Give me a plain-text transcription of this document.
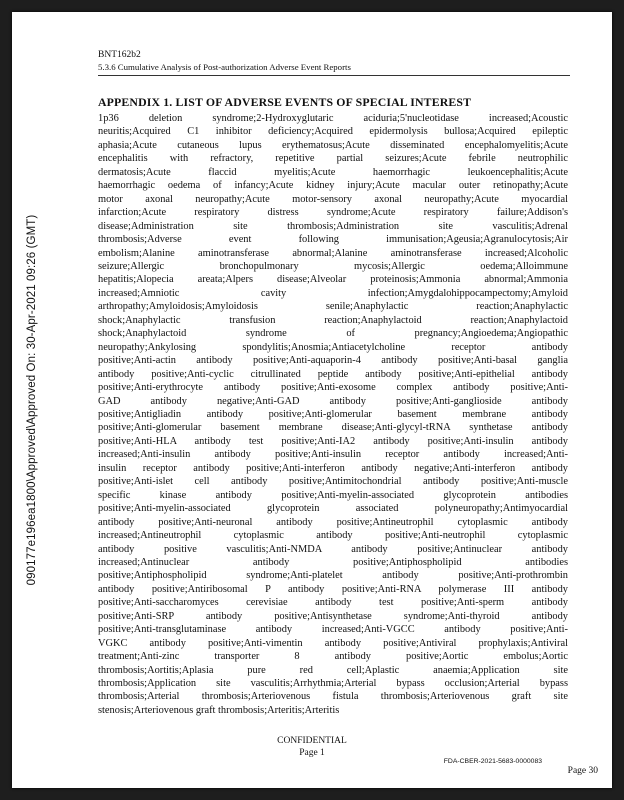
090177e196ea1800\Approved\Approved On: 30-Apr-2021 09:26 (GMT)
BNT162b2
5.3.6 Cumulative Analysis of Post-authorization Adverse Event Reports
APPENDIX 1. LIST OF ADVERSE EVENTS OF SPECIAL INTEREST
1p36 deletion syndrome;2-Hydroxyglutaric aciduria;5'nucleotidase increased;Acoustic
neuritis;Acquired C1 inhibitor deficiency;Acquired epidermolysis bullosa;Acquired epileptic
aphasia;Acute cutaneous lupus erythematosus;Acute disseminated encephalomyelitis;Acute
encephalitis with refractory, repetitive partial seizures;Acute febrile neutrophilic
dermatosis;Acute flaccid myelitis;Acute haemorrhagic leukoencephalitis;Acute
haemorrhagic oedema of infancy;Acute kidney injury;Acute macular outer retinopathy;Acute
motor axonal neuropathy;Acute motor-sensory axonal neuropathy;Acute myocardial
infarction;Acute respiratory distress syndrome;Acute respiratory failure;Addison's
disease;Administration site thrombosis;Administration site vasculitis;Adrenal
thrombosis;Adverse event following immunisation;Ageusia;Agranulocytosis;Air
embolism;Alanine aminotransferase abnormal;Alanine aminotransferase increased;Alcoholic
seizure;Allergic bronchopulmonary mycosis;Allergic oedema;Alloimmune
hepatitis;Alopecia areata;Alpers disease;Alveolar proteinosis;Ammonia abnormal;Ammonia
increased;Amniotic cavity infection;Amygdalohippocampectomy;Amyloid
arthropathy;Amyloidosis;Amyloidosis senile;Anaphylactic reaction;Anaphylactic
shock;Anaphylactic transfusion reaction;Anaphylactoid reaction;Anaphylactoid
shock;Anaphylactoid syndrome of pregnancy;Angioedema;Angiopathic
neuropathy;Ankylosing spondylitis;Anosmia;Antiacetylcholine receptor antibody
positive;Anti-actin antibody positive;Anti-aquaporin-4 antibody positive;Anti-basal ganglia
antibody positive;Anti-cyclic citrullinated peptide antibody positive;Anti-epithelial antibody
positive;Anti-erythrocyte antibody positive;Anti-exosome complex antibody positive;Anti-
GAD antibody negative;Anti-GAD antibody positive;Anti-ganglioside antibody
positive;Antigliadin antibody positive;Anti-glomerular basement membrane antibody
positive;Anti-glomerular basement membrane disease;Anti-glycyl-tRNA synthetase antibody
positive;Anti-HLA antibody test positive;Anti-IA2 antibody positive;Anti-insulin antibody
increased;Anti-insulin antibody positive;Anti-insulin receptor antibody increased;Anti-
insulin receptor antibody positive;Anti-interferon antibody negative;Anti-interferon antibody
positive;Anti-islet cell antibody positive;Antimitochondrial antibody positive;Anti-muscle
specific kinase antibody positive;Anti-myelin-associated glycoprotein antibodies
positive;Anti-myelin-associated glycoprotein associated polyneuropathy;Antimyocardial
antibody positive;Anti-neuronal antibody positive;Antineutrophil cytoplasmic antibody
increased;Antineutrophil cytoplasmic antibody positive;Anti-neutrophil cytoplasmic
antibody positive vasculitis;Anti-NMDA antibody positive;Antinuclear antibody
increased;Antinuclear antibody positive;Antiphospholipid antibodies
positive;Antiphospholipid syndrome;Anti-platelet antibody positive;Anti-prothrombin
antibody positive;Antiribosomal P antibody positive;Anti-RNA polymerase III antibody
positive;Anti-saccharomyces cerevisiae antibody test positive;Anti-sperm antibody
positive;Anti-SRP antibody positive;Antisynthetase syndrome;Anti-thyroid antibody
positive;Anti-transglutaminase antibody increased;Anti-VGCC antibody positive;Anti-
VGKC antibody positive;Anti-vimentin antibody positive;Antiviral prophylaxis;Antiviral
treatment;Anti-zinc transporter 8 antibody positive;Aortic embolus;Aortic
thrombosis;Aortitis;Aplasia pure red cell;Aplastic anaemia;Application site
thrombosis;Application site vasculitis;Arrhythmia;Arterial bypass occlusion;Arterial bypass
thrombosis;Arterial thrombosis;Arteriovenous fistula thrombosis;Arteriovenous graft site
stenosis;Arteriovenous graft thrombosis;Arteritis;Arteritis
CONFIDENTIAL
Page 1
FDA-CBER-2021-5683-0000083
Page 30
